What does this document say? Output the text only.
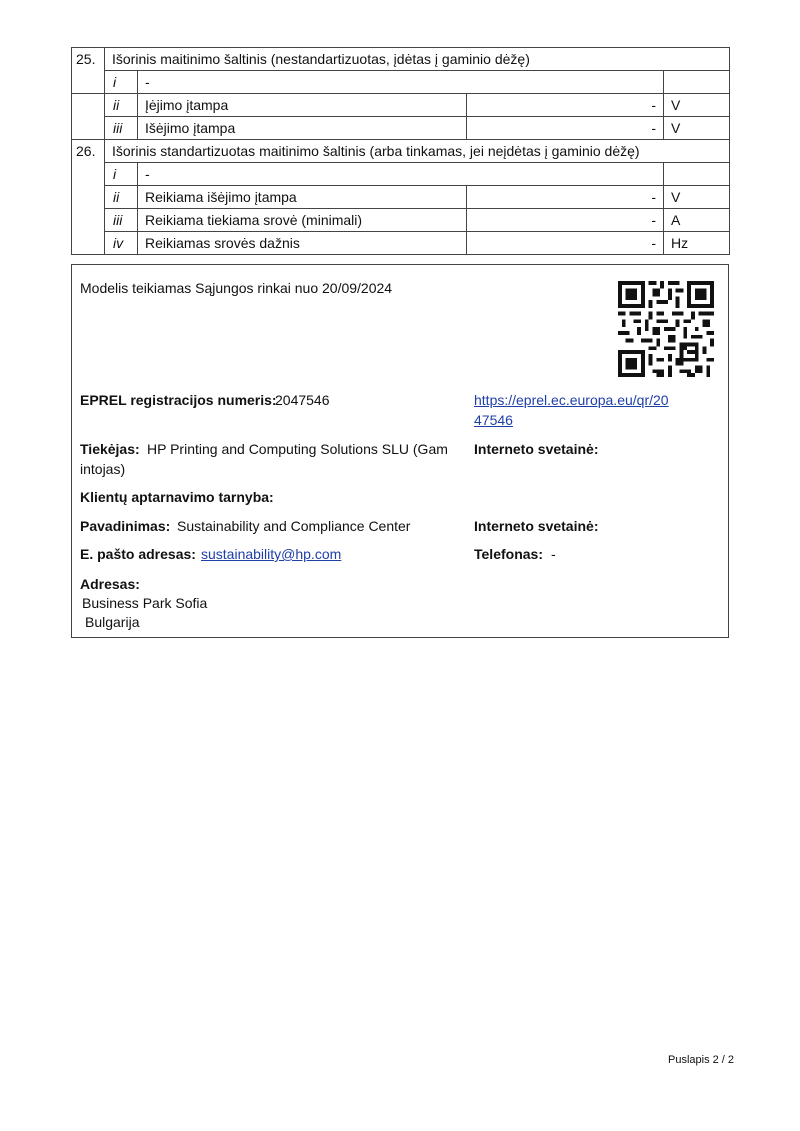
25.	Išorinis maitinimo šaltinis (nestandartizuotas, įdėtas į gaminio dėžę)			
	i	-		
	ii	Įėjimo įtampa	-	V
	iii	Išėjimo įtampa	-	V
26.	Išorinis standartizuotas maitinimo šaltinis (arba tinkamas, jei neįdėtas į gaminio dėžę)			
	i	-		
	ii	Reikiama išėjimo įtampa	-	V
	iii	Reikiama tiekiama srovė (minimali)	-	A
	iv	Reikiamas srovės dažnis	-	Hz
Modelis teikiamas Sąjungos rinkai nuo 20/09/2024
EPREL registracijos numeris:
2047546	https://eprel.ec.europa.eu/qr/20
47546
Tiekėjas: HP Printing and Computing Solutions SLU (Gam
intojas)
Interneto svetainė:
Klientų aptarnavimo tarnyba:
Pavadinimas: Sustainability and Compliance Center	Interneto svetainė:
E. pašto adresas: sustainability@hp.com	Telefonas: -
Adresas:
Business Park Sofia
Bulgarija
Puslapis 2 / 2
